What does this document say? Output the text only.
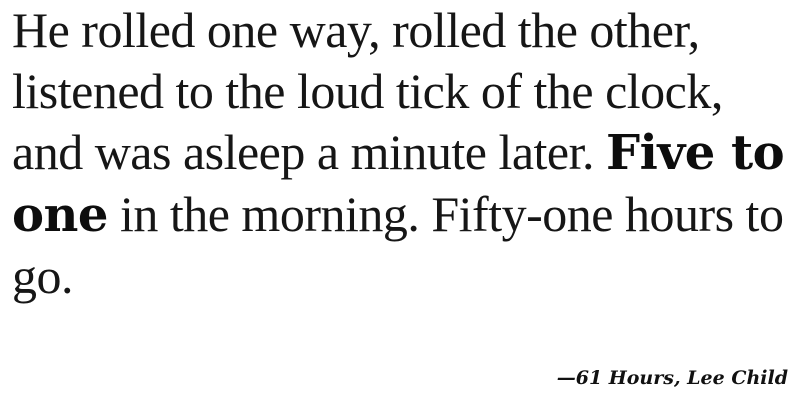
He rolled one way, rolled the other, listened to the loud tick of the clock, and was asleep a minute later. Five to one in the morning. Fifty-one hours to go.

—61 Hours, Lee Child
